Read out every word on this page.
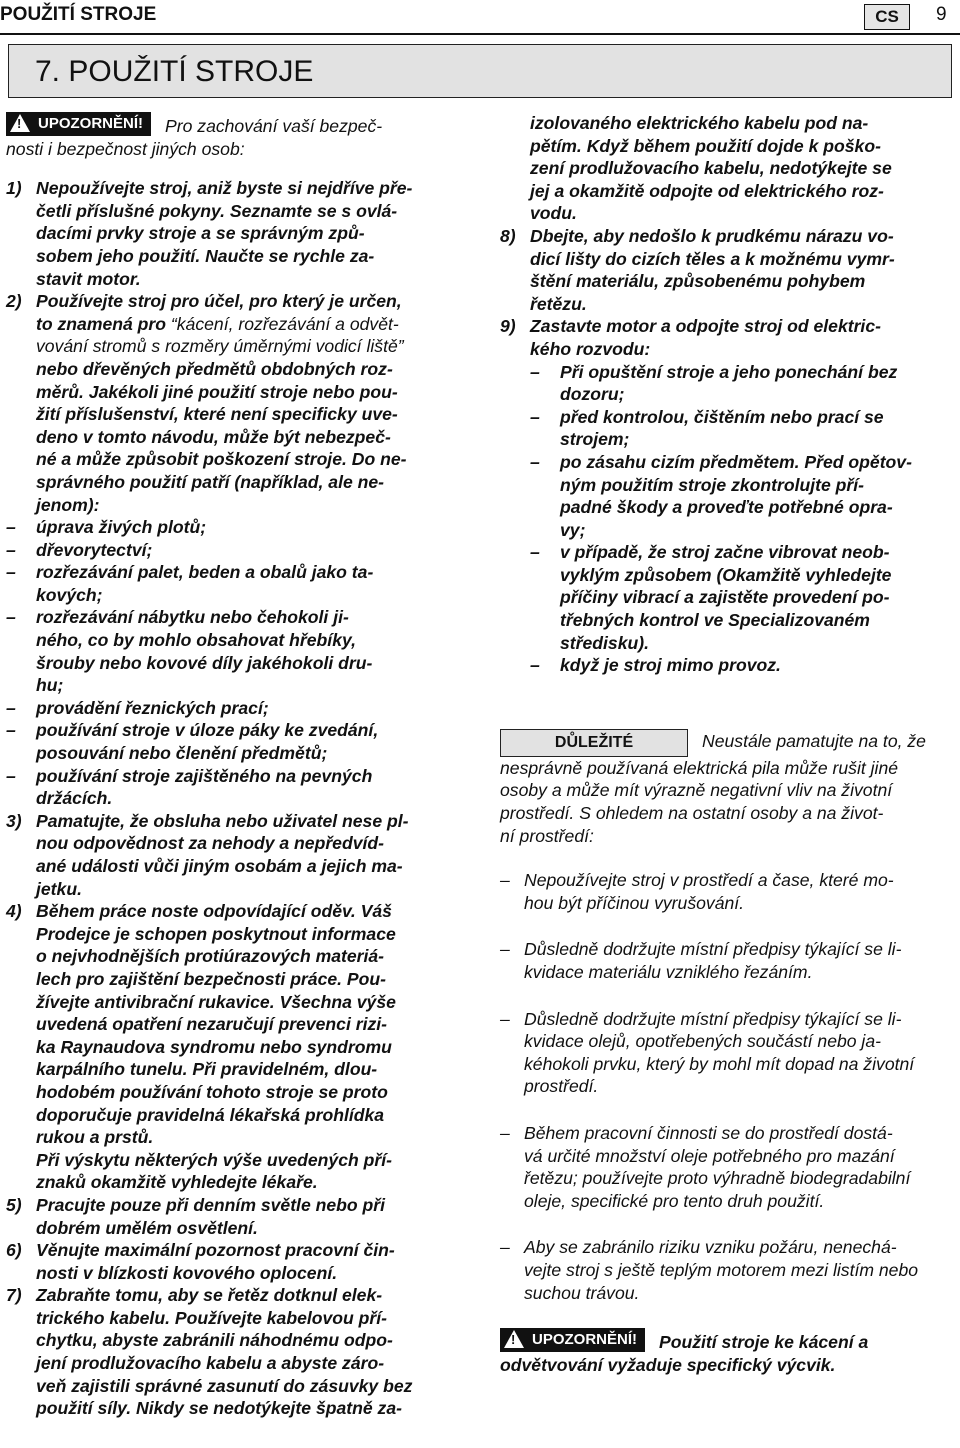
POUŽITÍ STROJE	CS	9
7. POUŽITÍ STROJE
!
UPOZORNĚNÍ! Pro zachování vaší bezpeč-
nosti i bezpečnost jiných osob:
1) Nepoužívejte stroj, aniž byste si nejdříve pře-
četli příslušné pokyny. Seznamte se s ovlá-
dacími prvky stroje a se správným způ-
sobem jeho použití. Naučte se rychle za-
stavit motor.
2) Používejte stroj pro účel, pro který je určen,
to znamená pro “kácení, rozřezávání a odvět-
vování stromů s rozměry úměrnými vodicí liště”
nebo dřevěných předmětů obdobných roz-
měrů. Jakékoli jiné použití stroje nebo pou-
žití příslušenství, které není specificky uve-
deno v tomto návodu, může být nebezpeč-
né a může způsobit poškození stroje. Do ne-
správného použití patří (například, ale ne-
jenom):
–	úprava živých plotů;
–	dřevorytectví;
–	rozřezávání palet, beden a obalů jako ta-
kových;
–	rozřezávání nábytku nebo čehokoli ji-
ného, co by mohlo obsahovat hřebíky,
šrouby nebo kovové díly jakéhokoli dru-
hu;
–	provádění řeznických prací;
–	používání stroje v úloze páky ke zvedání,
posouvání nebo členění předmětů;
–	používání stroje zajištěného na pevných
držácích.
3) Pamatujte, že obsluha nebo uživatel nese pl-
nou odpovědnost za nehody a nepředvíd-
ané události vůči jiným osobám a jejich ma-
jetku.
4) Během práce noste odpovídající oděv. Váš
Prodejce je schopen poskytnout informace
o nejvhodnějších protiúrazových materiá-
lech pro zajištění bezpečnosti práce. Pou-
žívejte antivibrační rukavice. Všechna výše
uvedená opatření nezaručují prevenci rizi-
ka Raynaudova syndromu nebo syndromu
karpálního tunelu. Při pravidelném, dlou-
hodobém používání tohoto stroje se proto
doporučuje pravidelná lékařská prohlídka
rukou a prstů.
Při výskytu některých výše uvedených pří-
znaků okamžitě vyhledejte lékaře.
5) Pracujte pouze při denním světle nebo při
dobrém umělém osvětlení.
6) Věnujte maximální pozornost pracovní čin-
nosti v blízkosti kovového oplocení.
7) Zabraňte tomu, aby se řetěz dotknul elek-
trického kabelu. Používejte kabelovou pří-
chytku, abyste zabránili náhodnému odpo-
jení prodlužovacího kabelu a abyste záro-
veň zajistili správné zasunutí do zásuvky bez
použití síly. Nikdy se nedotýkejte špatně za-
izolovaného elektrického kabelu pod na-
pětím. Když během použití dojde k poško-
zení prodlužovacího kabelu, nedotýkejte se
jej a okamžitě odpojte od elektrického roz-
vodu.
8) Dbejte, aby nedošlo k prudkému nárazu vo-
dicí lišty do cizích těles a k možnému vymr-
štění materiálu, způsobenému pohybem
řetězu.
9) Zastavte motor a odpojte stroj od elektric-
kého rozvodu:
–	Při opuštění stroje a jeho ponechání bez
dozoru;
–	před kontrolou, čištěním nebo prací se
strojem;
–	po zásahu cizím předmětem. Před opětov-
ným použitím stroje zkontrolujte pří-
padné škody a proveďte potřebné opra-
vy;
–	v případě, že stroj začne vibrovat neob-
vyklým způsobem (Okamžitě vyhledejte
příčiny vibrací a zajistěte provedení po-
třebných kontrol ve Specializovaném
středisku).
–	když je stroj mimo provoz.
DŮLEŽITÉ	Neustále pamatujte na to, že
nesprávně používaná elektrická pila může rušit jiné
osoby a může mít výrazně negativní vliv na životní
prostředí. S ohledem na ostatní osoby a na život-
ní prostředí:
– Nepoužívejte stroj v prostředí a čase, které mo-
hou být příčinou vyrušování.
– Důsledně dodržujte místní předpisy týkající se li-
kvidace materiálu vzniklého řezáním.
– Důsledně dodržujte místní předpisy týkající se li-
kvidace olejů, opotřebených součástí nebo ja-
kéhokoli prvku, který by mohl mít dopad na životní
prostředí.
– Během pracovní činnosti se do prostředí dostá-
vá určité množství oleje potřebného pro mazání
řetězu; používejte proto výhradně biodegradabilní
oleje, specifické pro tento druh použití.
– Aby se zabránilo riziku vzniku požáru, nenechá-
vejte stroj s ještě teplým motorem mezi listím nebo
suchou trávou.
!
UPOZORNĚNÍ! Použití stroje ke kácení a
odvětvování vyžaduje specifický výcvik.
